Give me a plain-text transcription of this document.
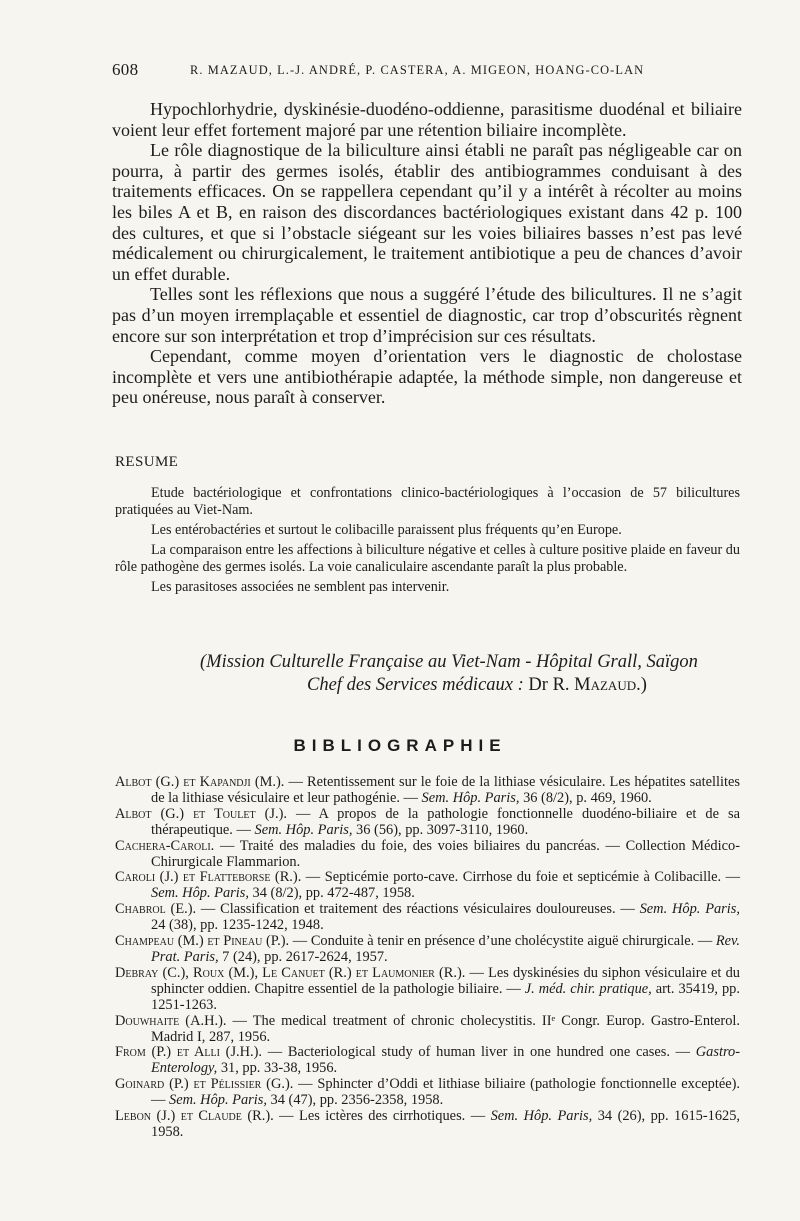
608	R. MAZAUD, L.-J. ANDRÉ, P. CASTERA, A. MIGEON, HOANG-CO-LAN

Hypochlorhydrie, dyskinésie-duodéno-oddienne, parasitisme duodénal et biliaire voient leur effet fortement majoré par une rétention biliaire incomplète.

Le rôle diagnostique de la biliculture ainsi établi ne paraît pas négligeable car on pourra, à partir des germes isolés, établir des antibiogrammes conduisant à des traitements efficaces. On se rappellera cependant qu’il y a intérêt à récolter au moins les biles A et B, en raison des discordances bactériologiques existant dans 42 p. 100 des cultures, et que si l’obstacle siégeant sur les voies biliaires basses n’est pas levé médicalement ou chirurgicalement, le traitement antibiotique a peu de chances d’avoir un effet durable.

Telles sont les réflexions que nous a suggéré l’étude des bilicultures. Il ne s’agit pas d’un moyen irremplaçable et essentiel de diagnostic, car trop d’obscurités règnent encore sur son interprétation et trop d’imprécision sur ces résultats.

Cependant, comme moyen d’orientation vers le diagnostic de cholostase incomplète et vers une antibiothérapie adaptée, la méthode simple, non dangereuse et peu onéreuse, nous paraît à conserver.

RESUME

Etude bactériologique et confrontations clinico-bactériologiques à l’occasion de 57 bilicultures pratiquées au Viet-Nam.

Les entérobactéries et surtout le colibacille paraissent plus fréquents qu’en Europe.

La comparaison entre les affections à biliculture négative et celles à culture positive plaide en faveur du rôle pathogène des germes isolés. La voie canaliculaire ascendante paraît la plus probable.

Les parasitoses associées ne semblent pas intervenir.

(Mission Culturelle Française au Viet-Nam - Hôpital Grall, Saïgon
Chef des Services médicaux : Dr R. Mazaud.)
BIBLIOGRAPHIE

Albot (G.) et Kapandji (M.). — Retentissement sur le foie de la lithiase vésiculaire. Les hépatites satellites de la lithiase vésiculaire et leur pathogénie. — Sem. Hôp. Paris, 36 (8/2), p. 469, 1960.

Albot (G.) et Toulet (J.). — A propos de la pathologie fonctionnelle duodéno-biliaire et de sa thérapeutique. — Sem. Hôp. Paris, 36 (56), pp. 3097-3110, 1960.

Cachera-Caroli. — Traité des maladies du foie, des voies biliaires du pancréas. — Collection Médico-Chirurgicale Flammarion.

Caroli (J.) et Flatteborse (R.). — Septicémie porto-cave. Cirrhose du foie et septicémie à Colibacille. — Sem. Hôp. Paris, 34 (8/2), pp. 472-487, 1958.

Chabrol (E.). — Classification et traitement des réactions vésiculaires douloureuses. — Sem. Hôp. Paris, 24 (38), pp. 1235-1242, 1948.

Champeau (M.) et Pineau (P.). — Conduite à tenir en présence d’une cholécystite aiguë chirurgicale. — Rev. Prat. Paris, 7 (24), pp. 2617-2624, 1957.

Debray (C.), Roux (M.), Le Canuet (R.) et Laumonier (R.). — Les dyskinésies du siphon vésiculaire et du sphincter oddien. Chapitre essentiel de la pathologie biliaire. — J. méd. chir. pratique, art. 35419, pp. 1251-1263.

Douwhaite (A.H.). — The medical treatment of chronic cholecystitis. IIᵉ Congr. Europ. Gastro-Enterol. Madrid I, 287, 1956.

From (P.) et Alli (J.H.). — Bacteriological study of human liver in one hundred one cases. — Gastro-Enterology, 31, pp. 33-38, 1956.

Goinard (P.) et Pélissier (G.). — Sphincter d’Oddi et lithiase biliaire (pathologie fonctionnelle exceptée). — Sem. Hôp. Paris, 34 (47), pp. 2356-2358, 1958.

Lebon (J.) et Claude (R.). — Les ictères des cirrhotiques. — Sem. Hôp. Paris, 34 (26), pp. 1615-1625, 1958.
